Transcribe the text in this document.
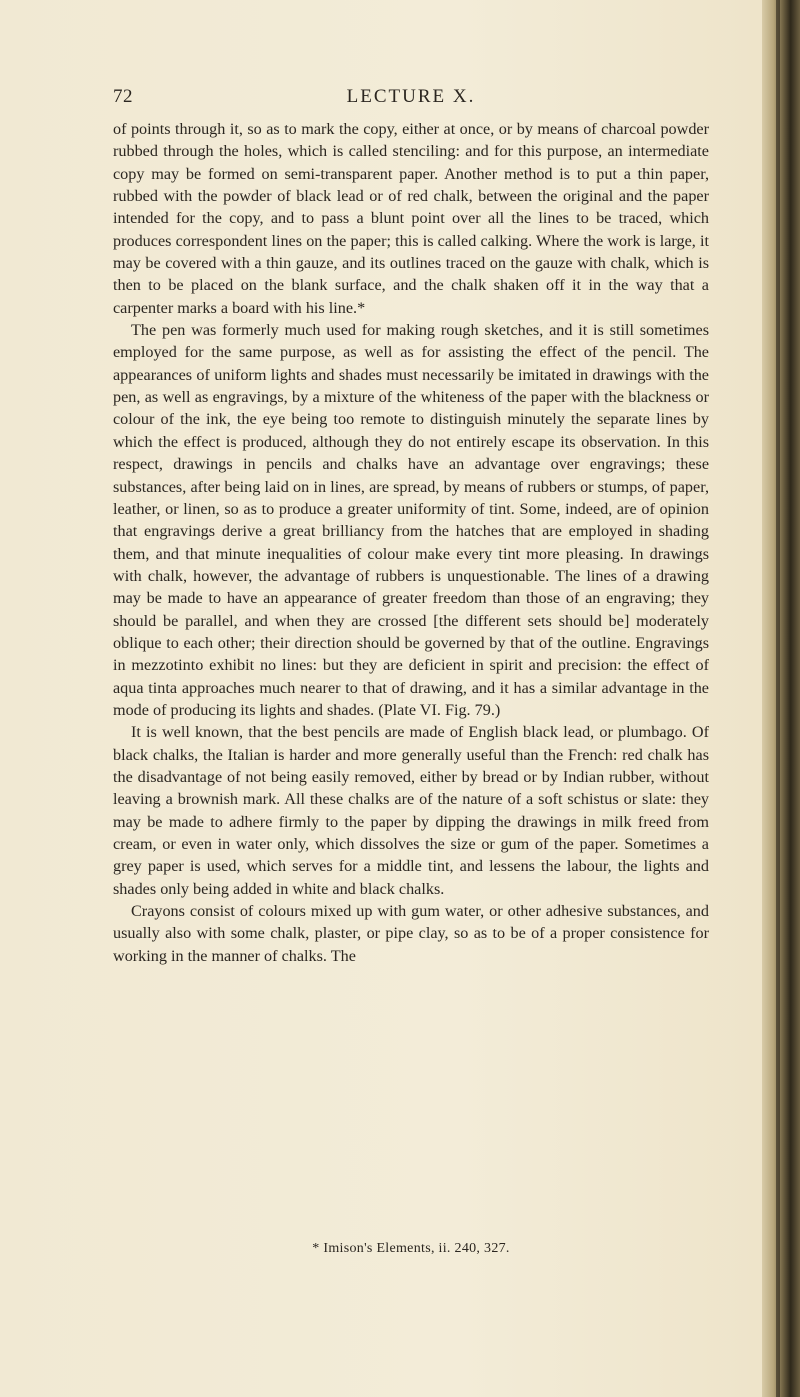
72	LECTURE X.

of points through it, so as to mark the copy, either at once, or by means of charcoal powder rubbed through the holes, which is called stenciling: and for this purpose, an intermediate copy may be formed on semi-transparent paper. Another method is to put a thin paper, rubbed with the powder of black lead or of red chalk, between the original and the paper intended for the copy, and to pass a blunt point over all the lines to be traced, which produces correspondent lines on the paper; this is called calking. Where the work is large, it may be covered with a thin gauze, and its outlines traced on the gauze with chalk, which is then to be placed on the blank surface, and the chalk shaken off it in the way that a carpenter marks a board with his line.*

The pen was formerly much used for making rough sketches, and it is still sometimes employed for the same purpose, as well as for assisting the effect of the pencil. The appearances of uniform lights and shades must necessarily be imitated in drawings with the pen, as well as engravings, by a mixture of the whiteness of the paper with the blackness or colour of the ink, the eye being too remote to distinguish minutely the separate lines by which the effect is produced, although they do not entirely escape its observation. In this respect, drawings in pencils and chalks have an advantage over engravings; these substances, after being laid on in lines, are spread, by means of rubbers or stumps, of paper, leather, or linen, so as to produce a greater uniformity of tint. Some, indeed, are of opinion that engravings derive a great brilliancy from the hatches that are employed in shading them, and that minute inequalities of colour make every tint more pleasing. In drawings with chalk, however, the advantage of rubbers is unquestionable. The lines of a drawing may be made to have an appearance of greater freedom than those of an engraving; they should be parallel, and when they are crossed [the different sets should be] moderately oblique to each other; their direction should be governed by that of the outline. Engravings in mezzotinto exhibit no lines: but they are deficient in spirit and precision: the effect of aqua tinta approaches much nearer to that of drawing, and it has a similar advantage in the mode of producing its lights and shades. (Plate VI. Fig. 79.)

It is well known, that the best pencils are made of English black lead, or plumbago. Of black chalks, the Italian is harder and more generally useful than the French: red chalk has the disadvantage of not being easily removed, either by bread or by Indian rubber, without leaving a brownish mark. All these chalks are of the nature of a soft schistus or slate: they may be made to adhere firmly to the paper by dipping the drawings in milk freed from cream, or even in water only, which dissolves the size or gum of the paper. Sometimes a grey paper is used, which serves for a middle tint, and lessens the labour, the lights and shades only being added in white and black chalks.

Crayons consist of colours mixed up with gum water, or other adhesive substances, and usually also with some chalk, plaster, or pipe clay, so as to be of a proper consistence for working in the manner of chalks. The

* Imison's Elements, ii. 240, 327.
